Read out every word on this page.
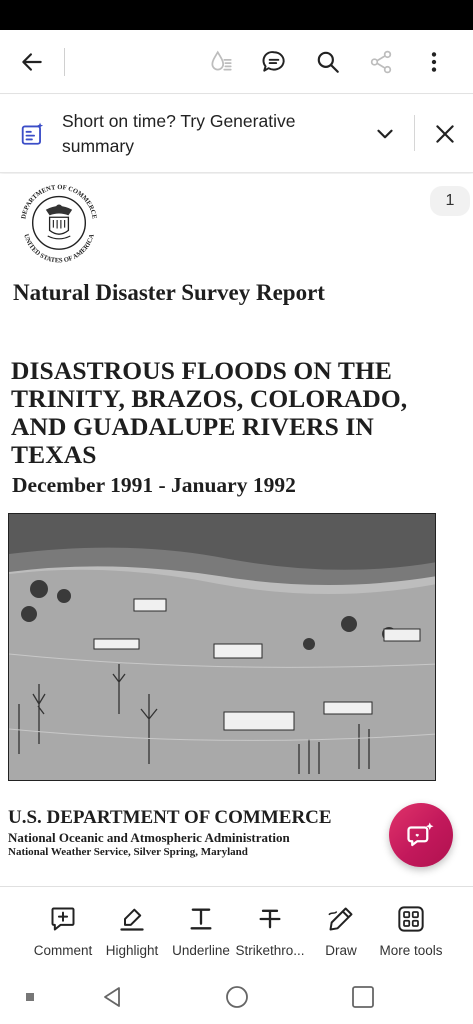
Short on time? Try Generative summary
1
DEPARTMENT OF COMMERCE
UNITED STATES OF AMERICA
Natural Disaster Survey Report
DISASTROUS FLOODS ON THE
TRINITY, BRAZOS, COLORADO,
AND GUADALUPE RIVERS IN
TEXAS
December 1991 - January 1992
U.S. DEPARTMENT OF COMMERCE
National Oceanic and Atmospheric Administration
National Weather Service, Silver Spring, Maryland
Comment Highlight Underline Strikethro... Draw More tools
